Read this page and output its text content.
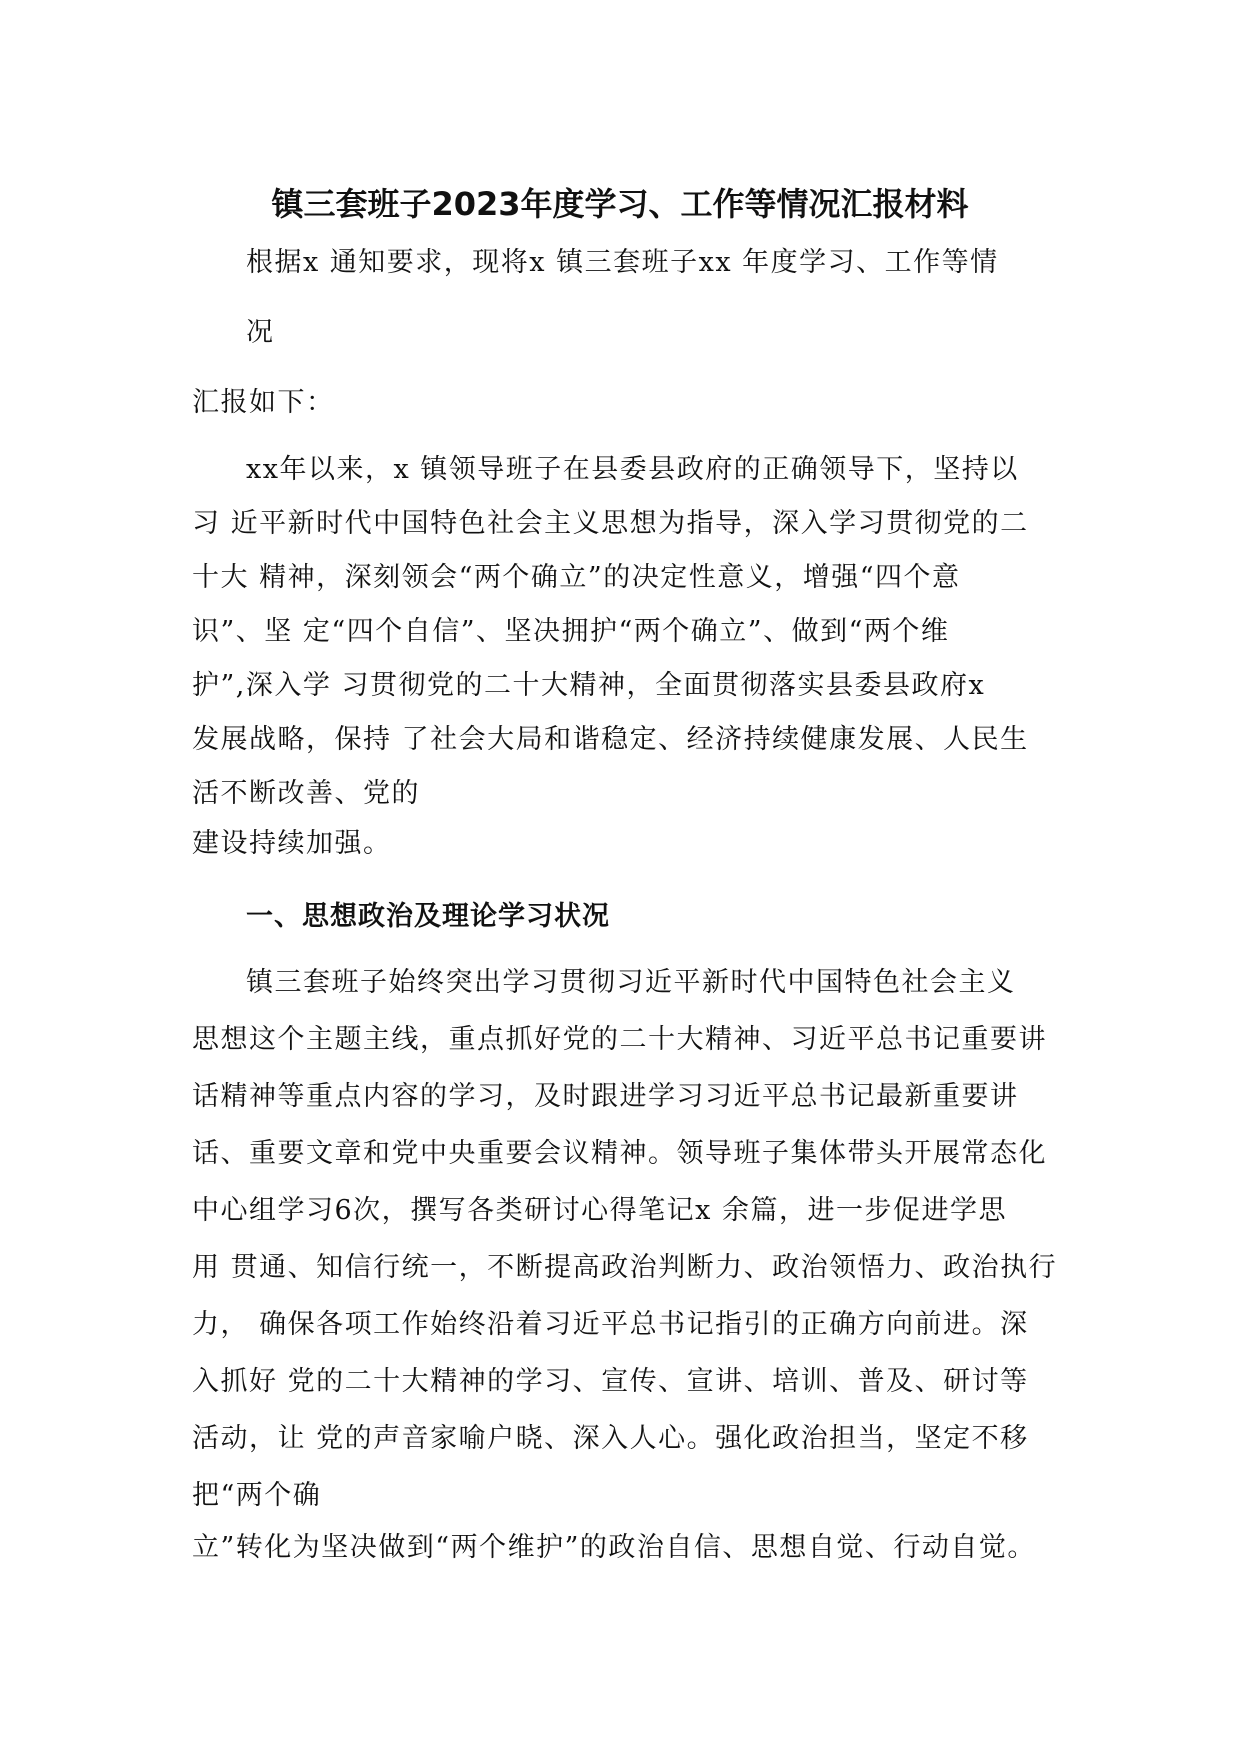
镇三套班子2023年度学习、工作等情况汇报材料
根据x 通知要求，现将x 镇三套班子xx 年度学习、工作等情
况
汇报如下：
xx年以来，x 镇领导班子在县委县政府的正确领导下，坚持以
习 近平新时代中国特色社会主义思想为指导，深入学习贯彻党的二
十大 精神，深刻领会“两个确立”的决定性意义，增强“四个意
识”、坚 定“四个自信”、坚决拥护“两个确立”、做到“两个维
护”,深入学 习贯彻党的二十大精神，全面贯彻落实县委县政府x
发展战略，保持 了社会大局和谐稳定、经济持续健康发展、人民生
活不断改善、党的
建设持续加强。
一、思想政治及理论学习状况
镇三套班子始终突出学习贯彻习近平新时代中国特色社会主义
思想这个主题主线，重点抓好党的二十大精神、习近平总书记重要讲
话精神等重点内容的学习，及时跟进学习习近平总书记最新重要讲
话、重要文章和党中央重要会议精神。领导班子集体带头开展常态化
中心组学习6次，撰写各类研讨心得笔记x 余篇，进一步促进学思
用 贯通、知信行统一，不断提高政治判断力、政治领悟力、政治执行
力， 确保各项工作始终沿着习近平总书记指引的正确方向前进。深
入抓好 党的二十大精神的学习、宣传、宣讲、培训、普及、研讨等
活动，让 党的声音家喻户晓、深入人心。强化政治担当，坚定不移
把“两个确
立”转化为坚决做到“两个维护”的政治自信、思想自觉、行动自觉。
